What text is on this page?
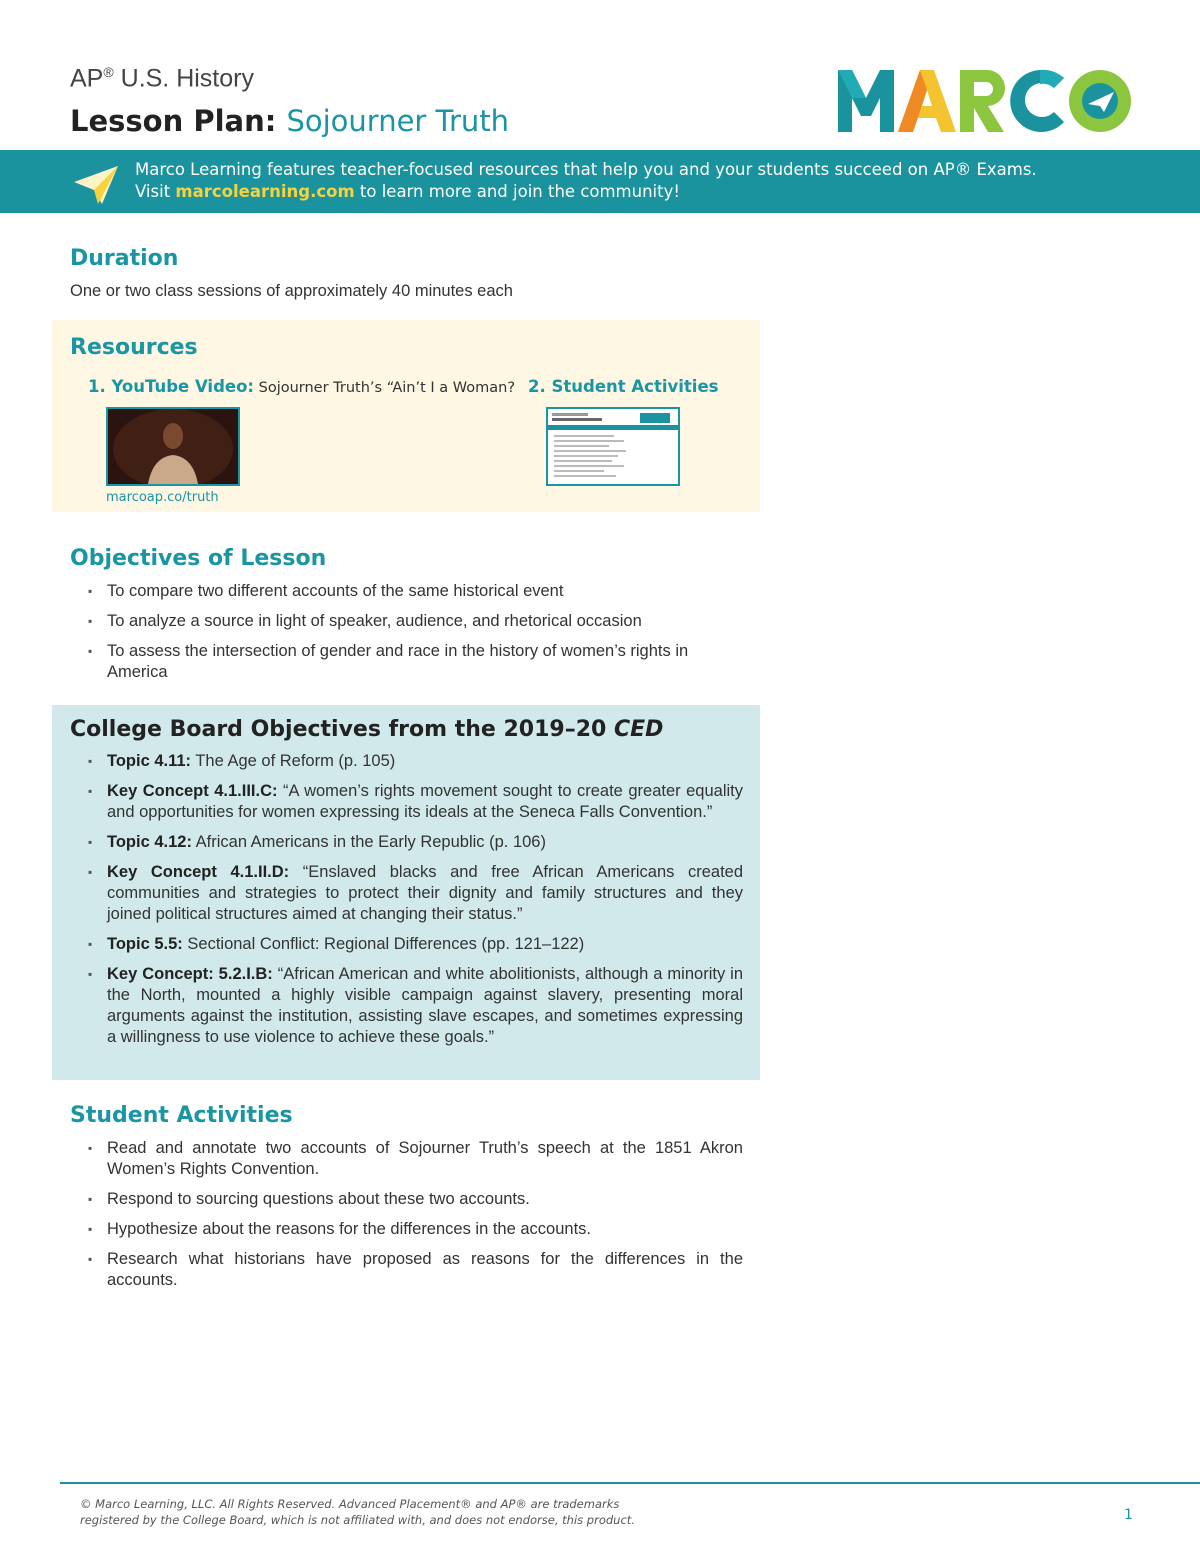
AP® U.S. History
Lesson Plan: Sojourner Truth
Marco Learning features teacher-focused resources that help you and your students succeed on AP® Exams.
Visit marcolearning.com to learn more and join the community!
Duration
One or two class sessions of approximately 40 minutes each
Resources
1. YouTube Video: Sojourner Truth’s “Ain’t I a Woman?
marcoap.co/truth
2. Student Activities
Objectives of Lesson
▪ To compare two different accounts of the same historical event
▪ To analyze a source in light of speaker, audience, and rhetorical occasion
▪ To assess the intersection of gender and race in the history of women’s rights in America
College Board Objectives from the 2019–20 CED
▪ Topic 4.11: The Age of Reform (p. 105)
▪ Key Concept 4.1.III.C: “A women’s rights movement sought to create greater equality and opportunities for women expressing its ideals at the Seneca Falls Convention.”
▪ Topic 4.12: African Americans in the Early Republic (p. 106)
▪ Key Concept 4.1.II.D: “Enslaved blacks and free African Americans created communities and strategies to protect their dignity and family structures and they joined political structures aimed at changing their status.”
▪ Topic 5.5: Sectional Conflict: Regional Differences (pp. 121–122)
▪ Key Concept: 5.2.I.B: “African American and white abolitionists, although a minority in the North, mounted a highly visible campaign against slavery, presenting moral arguments against the institution, assisting slave escapes, and sometimes expressing a willingness to use violence to achieve these goals.”
Student Activities
▪ Read and annotate two accounts of Sojourner Truth’s speech at the 1851 Akron Women’s Rights Convention.
▪ Respond to sourcing questions about these two accounts.
▪ Hypothesize about the reasons for the differences in the accounts.
▪ Research what historians have proposed as reasons for the differences in the accounts.
© Marco Learning, LLC. All Rights Reserved. Advanced Placement® and AP® are trademarks
registered by the College Board, which is not affiliated with, and does not endorse, this product.	1
